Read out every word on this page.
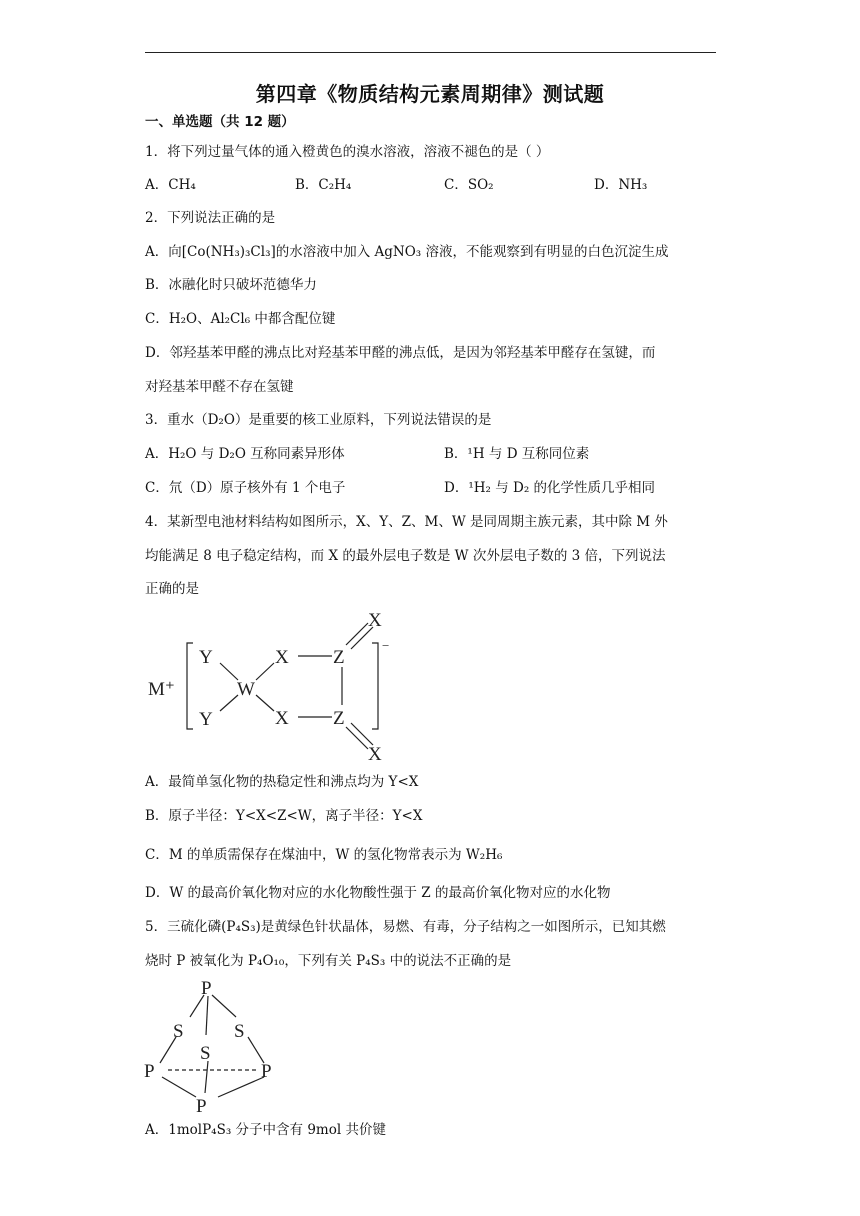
第四章《物质结构元素周期律》测试题
一、单选题（共 12 题）
1．将下列过量气体的通入橙黄色的溴水溶液，溶液不褪色的是（ ）
A．CH₄	B．C₂H₄	C．SO₂	D．NH₃
2．下列说法正确的是
A．向[Co(NH₃)₃Cl₃]的水溶液中加入 AgNO₃ 溶液，不能观察到有明显的白色沉淀生成
B．冰融化时只破坏范德华力
C．H₂O、Al₂Cl₆ 中都含配位键
D．邻羟基苯甲醛的沸点比对羟基苯甲醛的沸点低，是因为邻羟基苯甲醛存在氢键，而
对羟基苯甲醛不存在氢键
3．重水（D₂O）是重要的核工业原料，下列说法错误的是
A．H₂O 与 D₂O 互称同素异形体	B．¹H 与 D 互称同位素
C．氘（D）原子核外有 1 个电子	D．¹H₂ 与 D₂ 的化学性质几乎相同
4．某新型电池材料结构如图所示，X、Y、Z、M、W 是同周期主族元素，其中除 M 外
均能满足 8 电子稳定结构，而 X 的最外层电子数是 W 次外层电子数的 3 倍，下列说法
正确的是
M⁺
Y
Y
W
X
X
Z
Z
X
X
−
A．最简单氢化物的热稳定性和沸点均为 Y<X
B．原子半径：Y<X<Z<W，离子半径：Y<X
C．M 的单质需保存在煤油中，W 的氢化物常表示为 W₂H₆
D．W 的最高价氧化物对应的水化物酸性强于 Z 的最高价氧化物对应的水化物
5．三硫化磷(P₄S₃)是黄绿色针状晶体，易燃、有毒，分子结构之一如图所示，已知其燃
烧时 P 被氧化为 P₄O₁₀，下列有关 P₄S₃ 中的说法不正确的是
P
S	S
S
P	P
P
A．1molP₄S₃ 分子中含有 9mol 共价键
